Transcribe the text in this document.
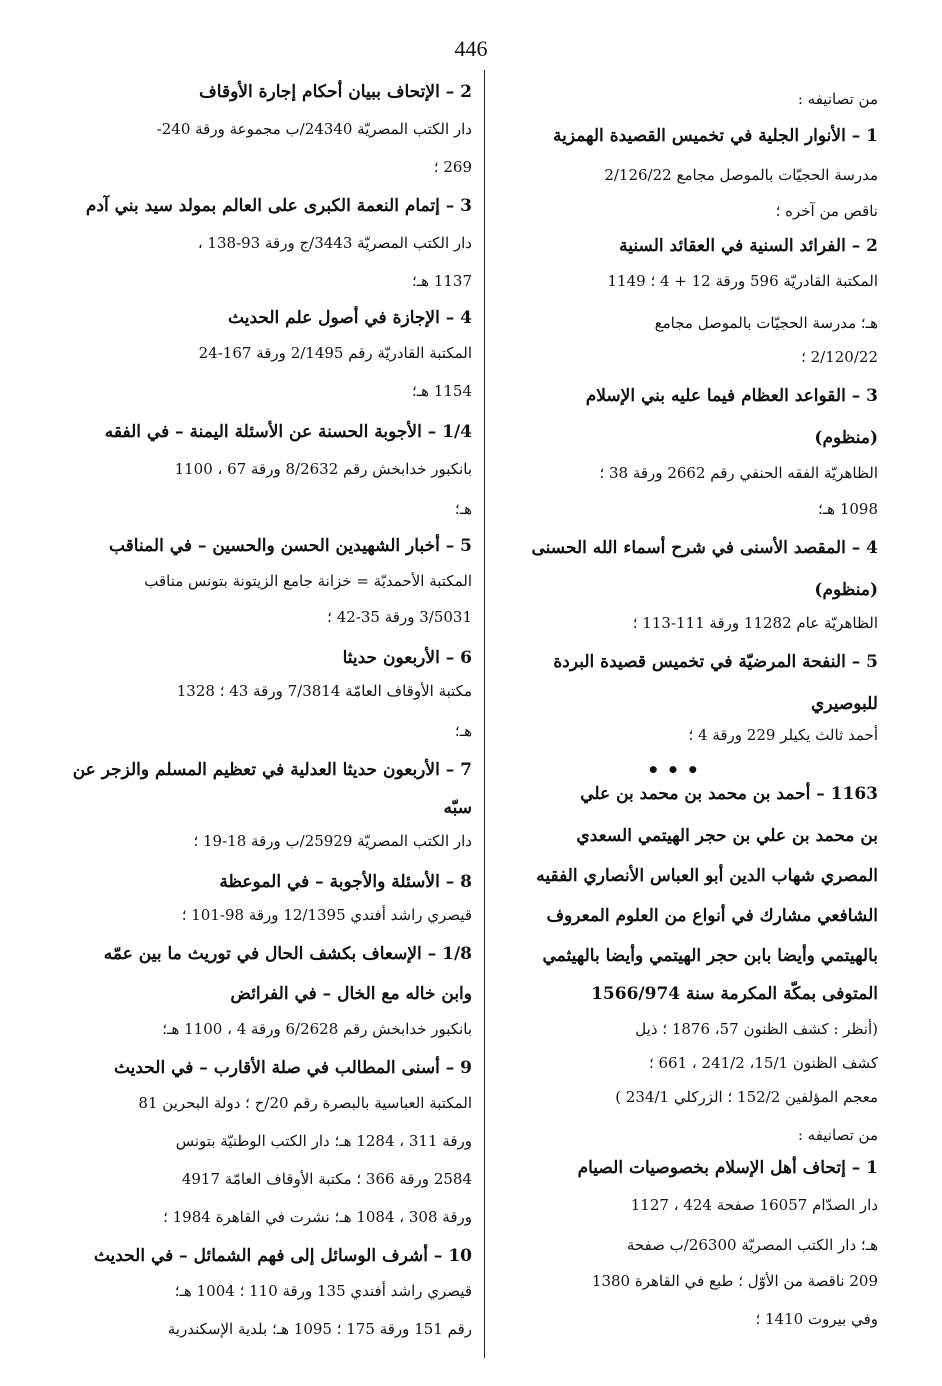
446

من تصانيفه :

1 – الأنوار الجلية في تخميس القصيدة الهمزية

مدرسة الحجيّات بالموصل مجامع 2/126/22

ناقص من آخره ؛

2 – الفرائد السنية في العقائد السنية

المكتبة القادريّة 596 ورقة 12 + 4 ؛ 1149

هـ؛ مدرسة الحجيّات بالموصل مجامع

2/120/22 ؛

3 – القواعد العظام فيما عليه بني الإسلام

(منظوم)

الظاهريّة الفقه الحنفي رقم 2662 ورقة 38 ؛

1098 هـ؛

4 – المقصد الأسنى في شرح أسماء الله الحسنى

(منظوم)

الظاهريّة عام 11282 ورقة 111-113 ؛

5 – النفحة المرضيّة في تخميس قصيدة البردة

للبوصيري

أحمد ثالث يكيلر 229 ورقة 4 ؛

• • •

1163 – أحمد بن محمد بن محمد بن علي

بن محمد بن علي بن حجر الهيتمي السعدي

المصري شهاب الدين أبو العباس الأنصاري الفقيه

الشافعي مشارك في أنواع من العلوم المعروف

بالهيتمي وأيضا بابن حجر الهيتمي وأيضا بالهيثمي

المتوفى بمكّة المكرمة سنة 1566/974

(أنظر : كشف الظنون 57، 1876 ؛ ذيل

كشف الظنون 15/1، 241/2 ، 661 ؛

معجم المؤلفين 152/2 ؛ الزركلي 234/1 )

من تصانيفه :

1 – إتحاف أهل الإسلام بخصوصيات الصيام

دار الصدّام 16057 صفحة 424 ، 1127

هـ؛ دار الكتب المصريّة 26300/ب صفحة

209 ناقصة من الأوّل ؛ طبع في القاهرة 1380

وفي بيروت 1410 ؛

2 – الإتحاف ببيان أحكام إجارة الأوقاف

دار الكتب المصريّة 24340/ب مجموعة ورقة 240-

269 ؛

3 – إتمام النعمة الكبرى على العالم بمولد سيد بني آدم

دار الكتب المصريّة 3443/ج ورقة 93-138 ،

1137 هـ؛

4 – الإجازة في أصول علم الحديث

المكتبة القادريّة رقم 2/1495 ورقة 167-24

1154 هـ؛

1/4 – الأجوبة الحسنة عن الأسئلة اليمنة – في الفقه

بانكبور خدابخش رقم 8/2632 ورقة 67 ، 1100

هـ؛

5 – أخبار الشهيدين الحسن والحسين – في المناقب

المكتبة الأحمديّة = خزانة جامع الزيتونة بتونس مناقب

3/5031 ورقة 35-42 ؛

6 – الأربعون حديثا

مكتبة الأوقاف العامّة 7/3814 ورقة 43 ؛ 1328

هـ؛

7 – الأربعون حديثا العدلية في تعظيم المسلم والزجر عن

سبّه

دار الكتب المصريّة 25929/ب ورقة 18-19 ؛

8 – الأسئلة والأجوبة – في الموعظة

قيصري راشد أفندي 12/1395 ورقة 98-101 ؛

1/8 – الإسعاف بكشف الحال في توريث ما بين عمّه

وابن خاله مع الخال – في الفرائض

بانكبور خدابخش رقم 6/2628 ورقة 4 ، 1100 هـ؛

9 – أسنى المطالب في صلة الأقارب – في الحديث

المكتبة العباسية بالبصرة رقم 20/ح ؛ دولة البحرين 81

ورقة 311 ، 1284 هـ؛ دار الكتب الوطنيّة بتونس

2584 ورقة 366 ؛ مكتبة الأوقاف العامّة 4917

ورقة 308 ، 1084 هـ؛ نشرت في القاهرة 1984 ؛

10 – أشرف الوسائل إلى فهم الشمائل – في الحديث

قيصري راشد أفندي 135 ورقة 110 ؛ 1004 هـ؛

رقم 151 ورقة 175 ؛ 1095 هـ؛ بلدية الإسكندرية
